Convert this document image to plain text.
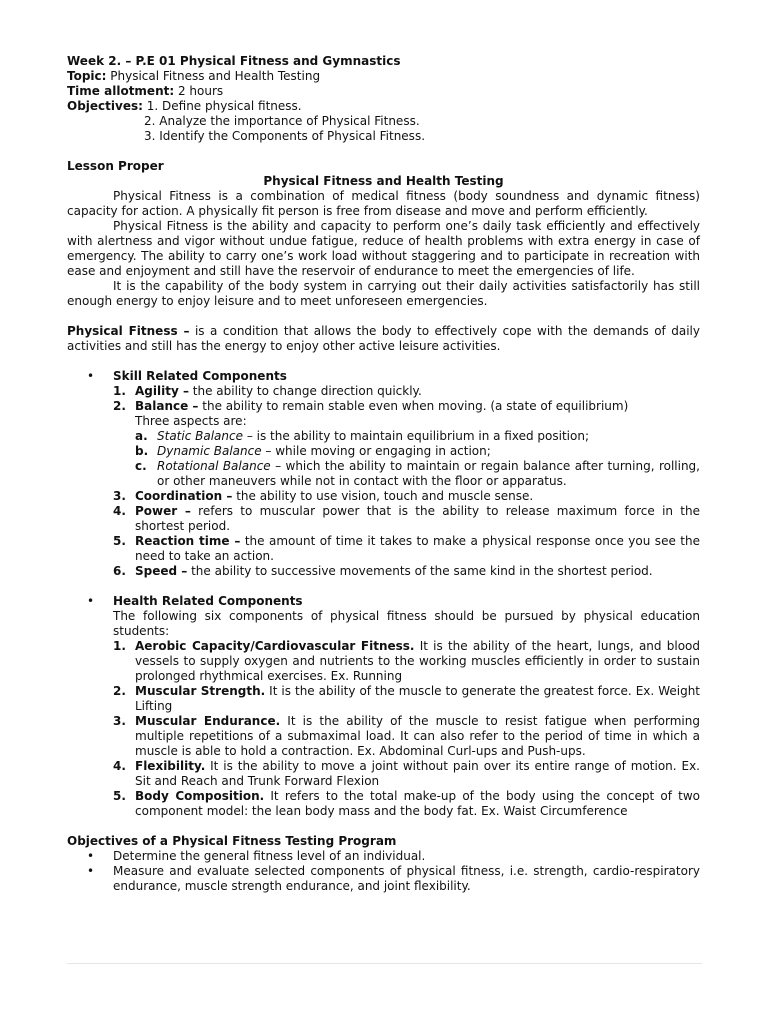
Week 2. – P.E 01 Physical Fitness and Gymnastics

Topic: Physical Fitness and Health Testing

Time allotment: 2 hours

Objectives: 1. Define physical fitness.

2. Analyze the importance of Physical Fitness.

3. Identify the Components of Physical Fitness.

Lesson Proper

Physical Fitness and Health Testing

Physical Fitness is a combination of medical fitness (body soundness and dynamic fitness) capacity for action. A physically fit person is free from disease and move and perform efficiently.

Physical Fitness is the ability and capacity to perform one’s daily task efficiently and effectively with alertness and vigor without undue fatigue, reduce of health problems with extra energy in case of emergency. The ability to carry one’s work load without staggering and to participate in recreation with ease and enjoyment and still have the reservoir of endurance to meet the emergencies of life.

It is the capability of the body system in carrying out their daily activities satisfactorily has still enough energy to enjoy leisure and to meet unforeseen emergencies.

Physical Fitness – is a condition that allows the body to effectively cope with the demands of daily activities and still has the energy to enjoy other active leisure activities.

• Skill Related Components

1. Agility – the ability to change direction quickly.
2. Balance – the ability to remain stable even when moving. (a state of equilibrium)

Three aspects are:

a. Static Balance – is the ability to maintain equilibrium in a fixed position;
b. Dynamic Balance – while moving or engaging in action;
c. Rotational Balance – which the ability to maintain or regain balance after turning, rolling, or other maneuvers while not in contact with the floor or apparatus.
3. Coordination – the ability to use vision, touch and muscle sense.
4. Power – refers to muscular power that is the ability to release maximum force in the shortest period.
5. Reaction time – the amount of time it takes to make a physical response once you see the need to take an action.
6. Speed – the ability to successive movements of the same kind in the shortest period.
• Health Related Components

The following six components of physical fitness should be pursued by physical education students:

1. Aerobic Capacity/Cardiovascular Fitness. It is the ability of the heart, lungs, and blood vessels to supply oxygen and nutrients to the working muscles efficiently in order to sustain prolonged rhythmical exercises. Ex. Running
2. Muscular Strength. It is the ability of the muscle to generate the greatest force. Ex. Weight Lifting
3. Muscular Endurance. It is the ability of the muscle to resist fatigue when performing multiple repetitions of a submaximal load. It can also refer to the period of time in which a muscle is able to hold a contraction. Ex. Abdominal Curl-ups and Push-ups.
4. Flexibility. It is the ability to move a joint without pain over its entire range of motion. Ex. Sit and Reach and Trunk Forward Flexion
5. Body Composition. It refers to the total make-up of the body using the concept of two component model: the lean body mass and the body fat. Ex. Waist Circumference

Objectives of a Physical Fitness Testing Program

• Determine the general fitness level of an individual.
• Measure and evaluate selected components of physical fitness, i.e. strength, cardio-respiratory endurance, muscle strength endurance, and joint flexibility.
